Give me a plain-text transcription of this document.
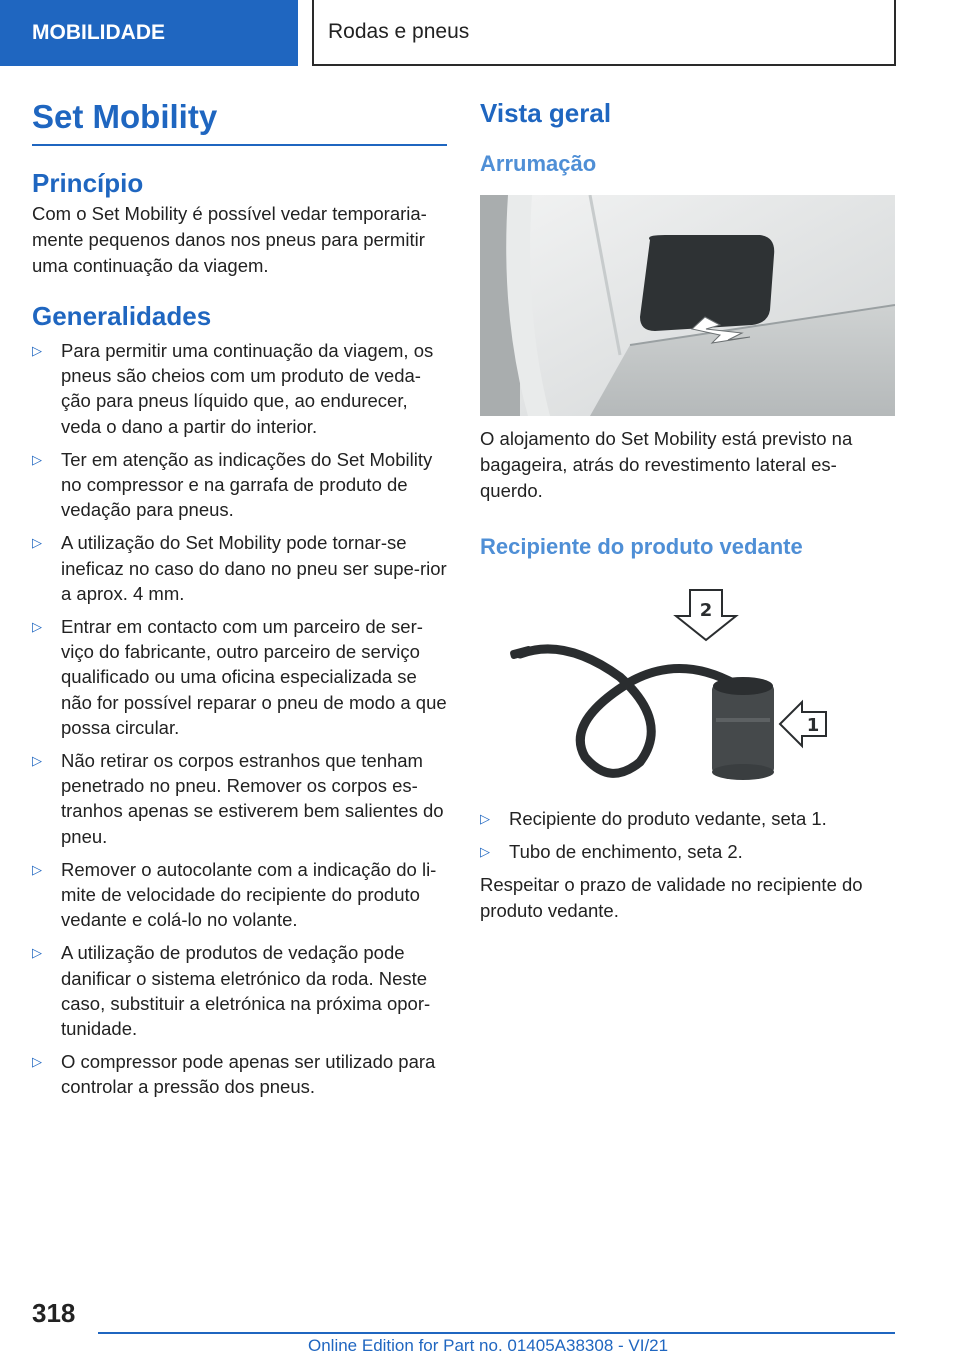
MOBILIDADE	Rodas e pneus
Set Mobility
Princípio

Com o Set Mobility é possível vedar temporaria-mente pequenos danos nos pneus para permitir uma continuação da viagem.

Generalidades
▷ Para permitir uma continuação da viagem, os pneus são cheios com um produto de veda-ção para pneus líquido que, ao endurecer, veda o dano a partir do interior.
▷ Ter em atenção as indicações do Set Mobility no compressor e na garrafa de produto de vedação para pneus.
▷ A utilização do Set Mobility pode tornar-se ineficaz no caso do dano no pneu ser supe-rior a aprox. 4 mm.
▷ Entrar em contacto com um parceiro de ser-viço do fabricante, outro parceiro de serviço qualificado ou uma oficina especializada se não for possível reparar o pneu de modo a que possa circular.
▷ Não retirar os corpos estranhos que tenham penetrado no pneu. Remover os corpos es-tranhos apenas se estiverem bem salientes do pneu.
▷ Remover o autocolante com a indicação do li-mite de velocidade do recipiente do produto vedante e colá-lo no volante.
▷ A utilização de produtos de vedação pode danificar o sistema eletrónico da roda. Neste caso, substituir a eletrónica na próxima opor-tunidade.
▷ O compressor pode apenas ser utilizado para controlar a pressão dos pneus.
Vista geral
Arrumação

O alojamento do Set Mobility está previsto na bagageira, atrás do revestimento lateral es-querdo.

Recipiente do produto vedante
2
1
▷ Recipiente do produto vedante, seta 1.
▷ Tubo de enchimento, seta 2.

Respeitar o prazo de validade no recipiente do produto vedante.

318
Online Edition for Part no. 01405A38308 - VI/21
